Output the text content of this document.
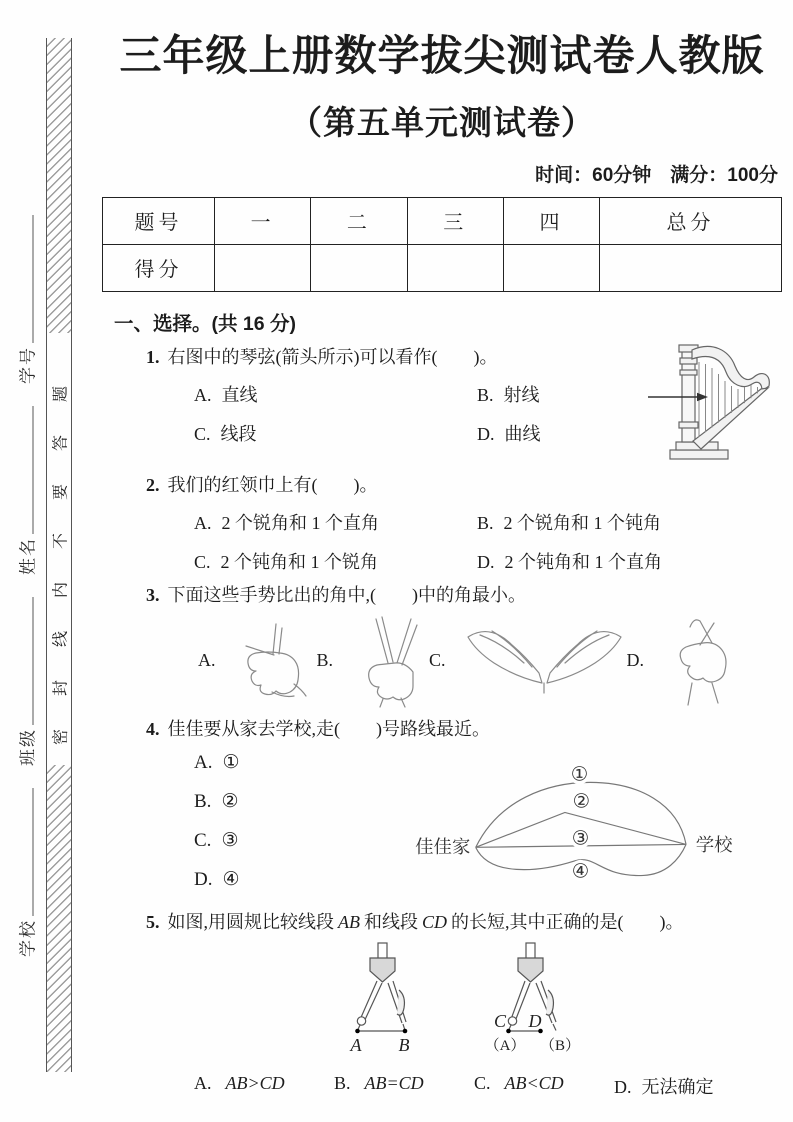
学校
班级
姓名
学号 密封线内不要答题
三年级上册数学拔尖测试卷人教版
（第五单元测试卷）
时间：60分钟　满分：100分
题号	一	二	三	四	总分
得分					
一、选择。(共 16 分)
1. 右图中的琴弦(箭头所示)可以看作(　　)。
A. 直线	B. 射线
C. 线段	D. 曲线
2. 我们的红领巾上有(　　)。
A. 2 个锐角和 1 个直角	B. 2 个锐角和 1 个钝角
C. 2 个钝角和 1 个锐角	D. 2 个钝角和 1 个直角
3. 下面这些手势比出的角中,(　　)中的角最小。
A.	B.	C.	D.
4. 佳佳要从家去学校,走(　　)号路线最近。
A. ①
B. ②
C. ③
D. ④
①
②
③
④
佳佳家	学校
5. 如图,用圆规比较线段 AB 和线段 CD 的长短,其中正确的是(　　)。
A B
C D
（A） （B）
A. AB>CD	B. AB=CD	C. AB<CD	D. 无法确定
